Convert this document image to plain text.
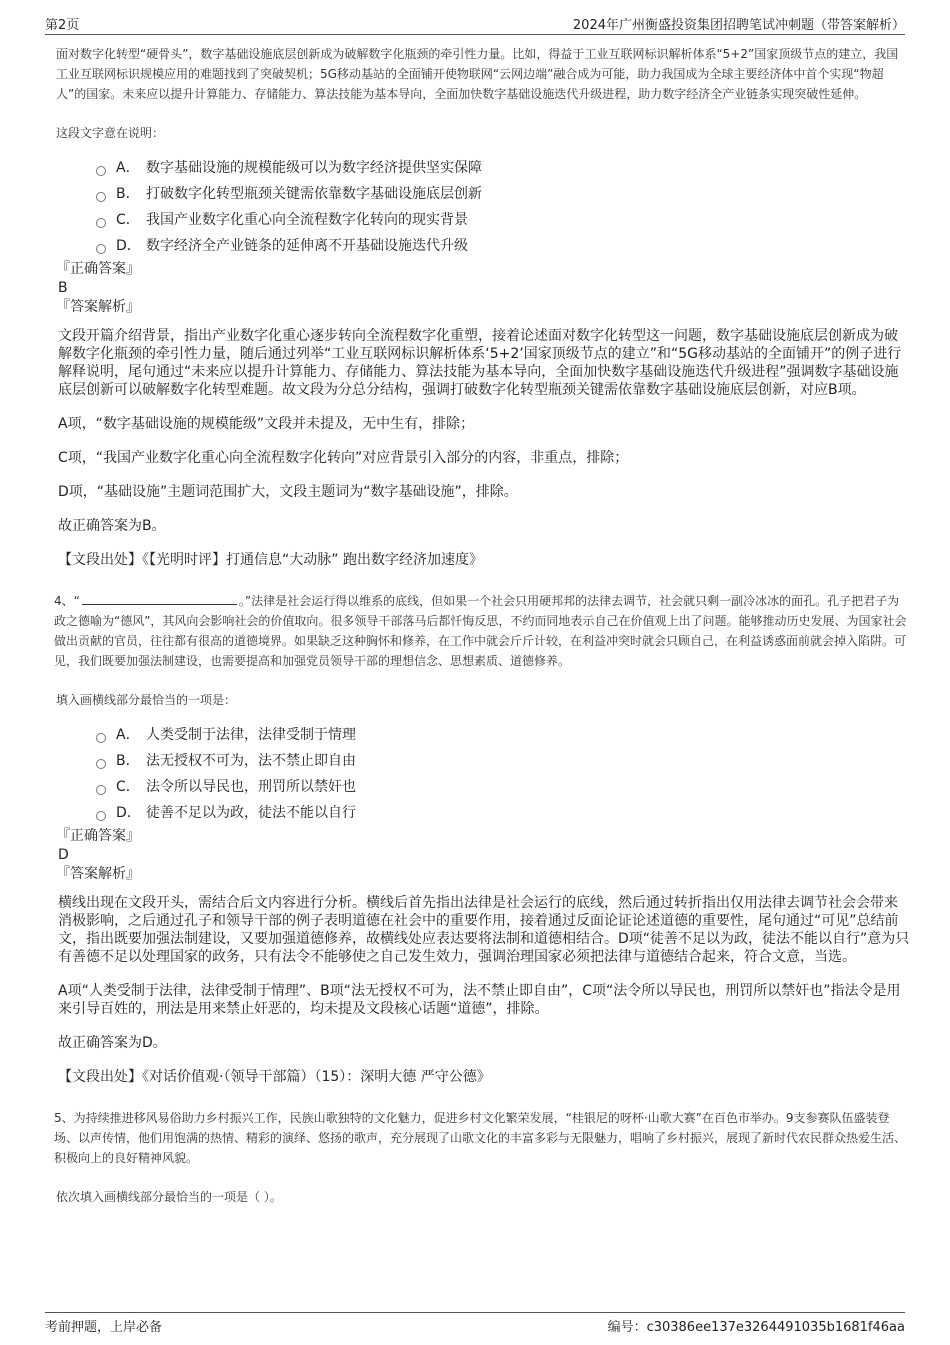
第2页	2024年广州衡盛投资集团招聘笔试冲刺题（带答案解析）

面对数字化转型“硬骨头”，数字基础设施底层创新成为破解数字化瓶颈的牵引性力量。比如，得益于工业互联网标识解析体系“5+2”国家顶级节点的建立，我国工业互联网标识规模应用的难题找到了突破契机；5G移动基站的全面铺开使物联网“云网边端”融合成为可能，助力我国成为全球主要经济体中首个实现“物超人”的国家。未来应以提升计算能力、存储能力、算法技能为基本导向，全面加快数字基础设施迭代升级进程，助力数字经济全产业链条实现突破性延伸。

这段文字意在说明：

A． 数字基础设施的规模能级可以为数字经济提供坚实保障
B． 打破数字化转型瓶颈关键需依靠数字基础设施底层创新
C． 我国产业数字化重心向全流程数字化转向的现实背景
D． 数字经济全产业链条的延伸离不开基础设施迭代升级

『正确答案』

B

『答案解析』

文段开篇介绍背景，指出产业数字化重心逐步转向全流程数字化重塑，接着论述面对数字化转型这一问题，数字基础设施底层创新成为破解数字化瓶颈的牵引性力量，随后通过列举“工业互联网标识解析体系‘5+2’国家顶级节点的建立”和“5G移动基站的全面铺开”的例子进行解释说明，尾句通过“未来应以提升计算能力、存储能力、算法技能为基本导向，全面加快数字基础设施迭代升级进程”强调数字基础设施底层创新可以破解数字化转型难题。故文段为分总分结构，强调打破数字化转型瓶颈关键需依靠数字基础设施底层创新，对应B项。

A项，“数字基础设施的规模能级”文段并未提及，无中生有，排除；

C项，“我国产业数字化重心向全流程数字化转向”对应背景引入部分的内容，非重点，排除；

D项，“基础设施”主题词范围扩大，文段主题词为“数字基础设施”，排除。

故正确答案为B。

【文段出处】《【光明时评】打通信息“大动脉” 跑出数字经济加速度》

4、“	。”法律是社会运行得以维系的底线，但如果一个社会只用硬邦邦的法律去调节，社会就只剩一副冷冰冰的面孔。孔子把君子为政之德喻为“德风”，其风向会影响社会的价值取向。很多领导干部落马后都忏悔反思，不约而同地表示自己在价值观上出了问题。能够推动历史发展、为国家社会做出贡献的官员，往往都有很高的道德境界。如果缺乏这种胸怀和修养，在工作中就会斤斤计较，在利益冲突时就会只顾自己，在利益诱惑面前就会掉入陷阱。可见，我们既要加强法制建设，也需要提高和加强党员领导干部的理想信念、思想素质、道德修养。

填入画横线部分最恰当的一项是：

A． 人类受制于法律，法律受制于情理
B． 法无授权不可为，法不禁止即自由
C． 法令所以导民也，刑罚所以禁奸也
D． 徒善不足以为政，徒法不能以自行

『正确答案』

D

『答案解析』

横线出现在文段开头，需结合后文内容进行分析。横线后首先指出法律是社会运行的底线，然后通过转折指出仅用法律去调节社会会带来消极影响，之后通过孔子和领导干部的例子表明道德在社会中的重要作用，接着通过反面论证论述道德的重要性，尾句通过“可见”总结前文，指出既要加强法制建设，又要加强道德修养，故横线处应表达要将法制和道德相结合。D项“徒善不足以为政，徒法不能以自行”意为只有善德不足以处理国家的政务，只有法令不能够使之自己发生效力，强调治理国家必须把法律与道德结合起来，符合文意，当选。

A项“人类受制于法律，法律受制于情理”、B项“法无授权不可为，法不禁止即自由”，C项“法令所以导民也，刑罚所以禁奸也”指法令是用来引导百姓的，刑法是用来禁止奸恶的，均未提及文段核心话题“道德”，排除。

故正确答案为D。

【文段出处】《对话价值观·（领导干部篇）（15）：深明大德 严守公德》

5、为持续推进移风易俗助力乡村振兴工作，民族山歌独特的文化魅力，促进乡村文化繁荣发展，“桂银尼的呀杯·山歌大赛”在百色市举办。9支参赛队伍盛装登场、以声传情，他们用饱满的热情、精彩的演绎、悠扬的歌声，充分展现了山歌文化的丰富多彩与无限魅力，唱响了乡村振兴，展现了新时代农民群众热爱生活、积极向上的良好精神风貌。

依次填入画横线部分最恰当的一项是（ ）。

考前押题，上岸必备	编号：c30386ee137e3264491035b1681f46aa
